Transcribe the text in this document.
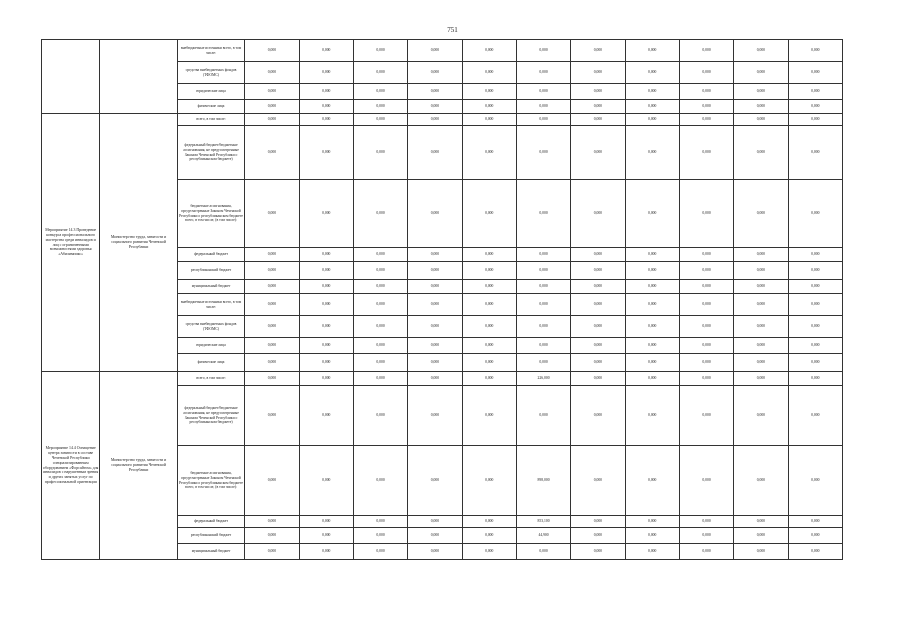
751
		внебюджетные источники всего, в том числе:	0,000	0,000	0,000	0,000	0,000	0,000	0,000	0,000	0,000	0,000	0,000
		средства внебюджетных фондов (ТФОМС)	0,000	0,000	0,000	0,000	0,000	0,000	0,000	0,000	0,000	0,000	0,000
		юридические лица	0,000	0,000	0,000	0,000	0,000	0,000	0,000	0,000	0,000	0,000	0,000
		физические лица	0,000	0,000	0,000	0,000	0,000	0,000	0,000	0,000	0,000	0,000	0,000
Мероприятие 14.3 Проведение конкурса профессионального мастерства среди инвалидов и лиц с ограниченными возможностями здоровья «Абилимпикс»	Министерство труда, занятости и социального развития Чеченской Республики	всего, в том числе:	0,000	0,000	0,000	0,000	0,000	0,000	0,000	0,000	0,000	0,000	0,000
		федеральный бюджет/бюджетные ассигнования, не предусмотренные Законом Чеченской Республики о республиканском бюджете)	0,000	0,000	0,000	0,000	0,000	0,000	0,000	0,000	0,000	0,000	0,000
		бюджетные ассигнования, предусмотренные Законом Чеченской Республики о республиканском бюджете всего, в том числе, (в том числе):	0,000	0,000	0,000	0,000	0,000	0,000	0,000	0,000	0,000	0,000	0,000
		федеральный бюджет	0,000	0,000	0,000	0,000	0,000	0,000	0,000	0,000	0,000	0,000	0,000
		республиканский бюджет	0,000	0,000	0,000	0,000	0,000	0,000	0,000	0,000	0,000	0,000	0,000
		муниципальный бюджет	0,000	0,000	0,000	0,000	0,000	0,000	0,000	0,000	0,000	0,000	0,000
		внебюджетные источники всего, в том числе:	0,000	0,000	0,000	0,000	0,000	0,000	0,000	0,000	0,000	0,000	0,000
		средства внебюджетных фондов (ТФОМС)	0,000	0,000	0,000	0,000	0,000	0,000	0,000	0,000	0,000	0,000	0,000
		юридические лица	0,000	0,000	0,000	0,000	0,000	0,000	0,000	0,000	0,000	0,000	0,000
		физические лица	0,000	0,000	0,000	0,000	0,000	0,000	0,000	0,000	0,000	0,000	0,000
Мероприятие 14.4 Оснащение центра занятости в составе Чеченской Республики специализированным оборудованием «Форсайтом» для инвалидов с нарушенным зрения и других занятых услуг по профессиональной ориентации	Министерство труда, занятости и социального развития Чеченской Республики	всего, в том числе:	0,000	0,000	0,000	0,000	0,000	226,000	0,000	0,000	0,000	0,000	0,000
		федеральный бюджет/бюджетные ассигнования, не предусмотренные Законом Чеченской Республики о республиканском бюджете)	0,000	0,000	0,000	0,000	0,000	0,000	0,000	0,000	0,000	0,000	0,000
		бюджетные ассигнования, предусмотренные Законом Чеченской Республики о республиканском бюджете всего, в том числе, (в том числе):	0,000	0,000	0,000	0,000	0,000	898,000	0,000	0,000	0,000	0,000	0,000
		федеральный бюджет	0,000	0,000	0,000	0,000	0,000	853,100	0,000	0,000	0,000	0,000	0,000
		республиканский бюджет	0,000	0,000	0,000	0,000	0,000	44,900	0,000	0,000	0,000	0,000	0,000
		муниципальный бюджет	0,000	0,000	0,000	0,000	0,000	0,000	0,000	0,000	0,000	0,000	0,000
